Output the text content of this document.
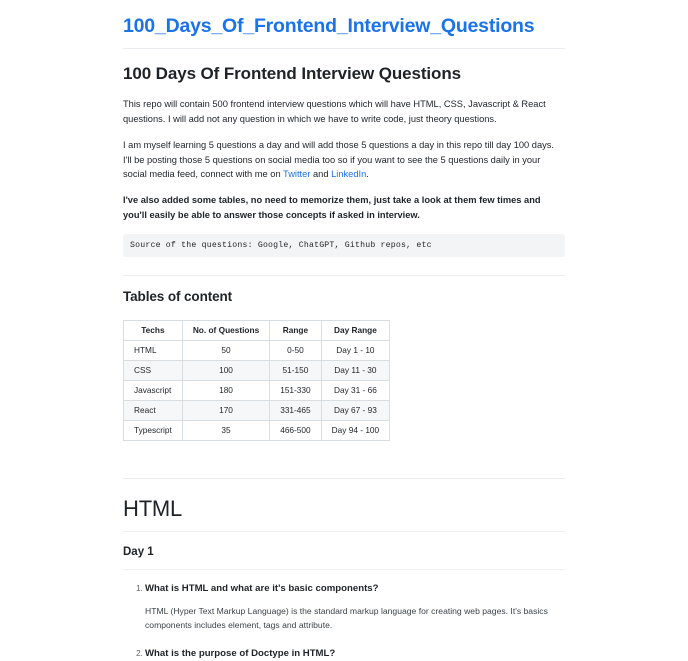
100_Days_Of_Frontend_Interview_Questions
100 Days Of Frontend Interview Questions

This repo will contain 500 frontend interview questions which will have HTML, CSS, Javascript & React questions. I will add not any question in which we have to write code, just theory questions.

I am myself learning 5 questions a day and will add those 5 questions a day in this repo till day 100 days. I'll be posting those 5 questions on social media too so if you want to see the 5 questions daily in your social media feed, connect with me on Twitter and LinkedIn.

I've also added some tables, no need to memorize them, just take a look at them few times and you'll easily be able to answer those concepts if asked in interview.

Source of the questions: Google, ChatGPT, Github repos, etc
Tables of content
Techs	No. of Questions	Range	Day Range
HTML	50	0-50	Day 1 - 10
CSS	100	51-150	Day 11 - 30
Javascript	180	151-330	Day 31 - 66
React	170	331-465	Day 67 - 93
Typescript	35	466-500	Day 94 - 100
HTML
Day 1
1. What is HTML and what are it's basic components?
HTML (Hyper Text Markup Language) is the standard markup language for creating web pages. It's basics components includes element, tags and attribute.
2. What is the purpose of Doctype in HTML?
